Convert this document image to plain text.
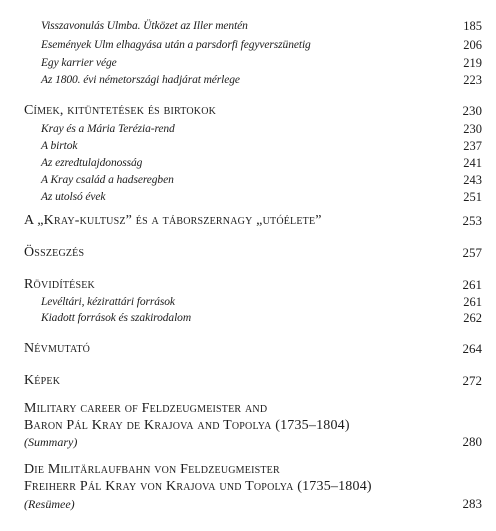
Visszavonulás Ulmba. Ütközet az Iller mentén	185
Események Ulm elhagyása után a parsdorfi fegyverszünetig	206
Egy karrier vége	219
Az 1800. évi németországi hadjárat mérlege	223
Címek, kitüntetések és birtokok	230
Kray és a Mária Terézia-rend	230
A birtok	237
Az ezredtulajdonosság	241
A Kray család a hadseregben	243
Az utolsó évek	251
A „Kray-kultusz” és a táborszernagy „utóélete”	253
Összegzés	257
Rövidítések	261
Levéltári, kézirattári források	261
Kiadott források és szakirodalom	262
Névmutató	264
Képek	272
Military career of Feldzeugmeister and
Baron Pál Kray de Krajova and Topolya (1735–1804)
(Summary)	280
Die Militärlaufbahn von Feldzeugmeister
Freiherr Pál Kray von Krajova und Topolya (1735–1804)
(Resümee)	283
